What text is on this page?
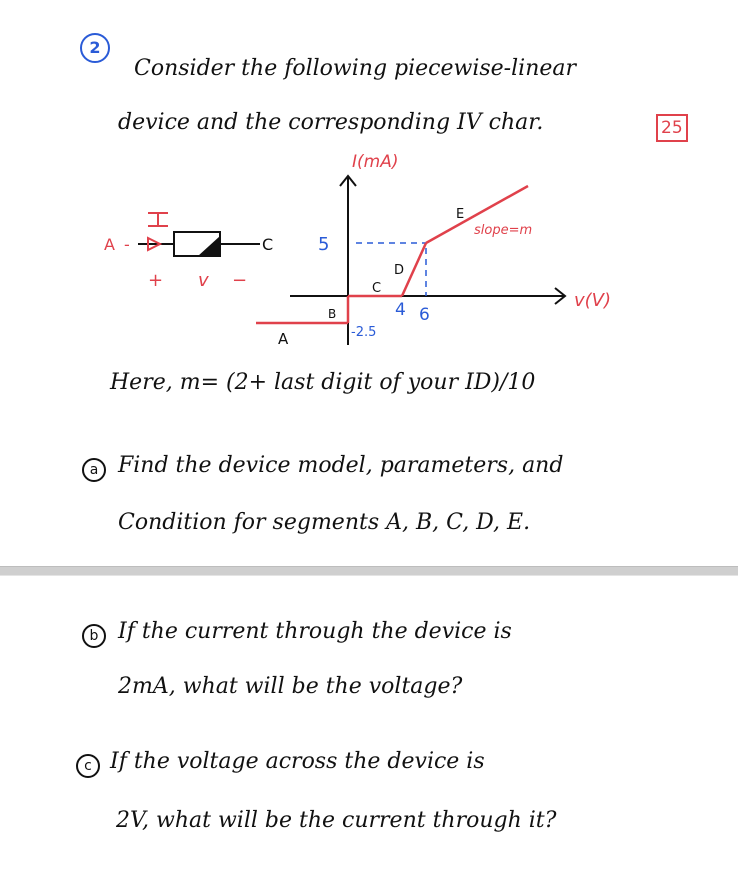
2
Consider the following piecewise-linear
device and the corresponding IV char.	25
A -	C
+ v −
I(mA)
v(V)
5
-2.5
4 6
A
B
C
D
E
slope=m
Here, m= (2+ last digit of your ID)/10
a Find the device model, parameters, and
Condition for segments A, B, C, D, E.
b If the current through the device is
2mA, what will be the voltage?
c If the voltage across the device is
2V, what will be the current through it?
